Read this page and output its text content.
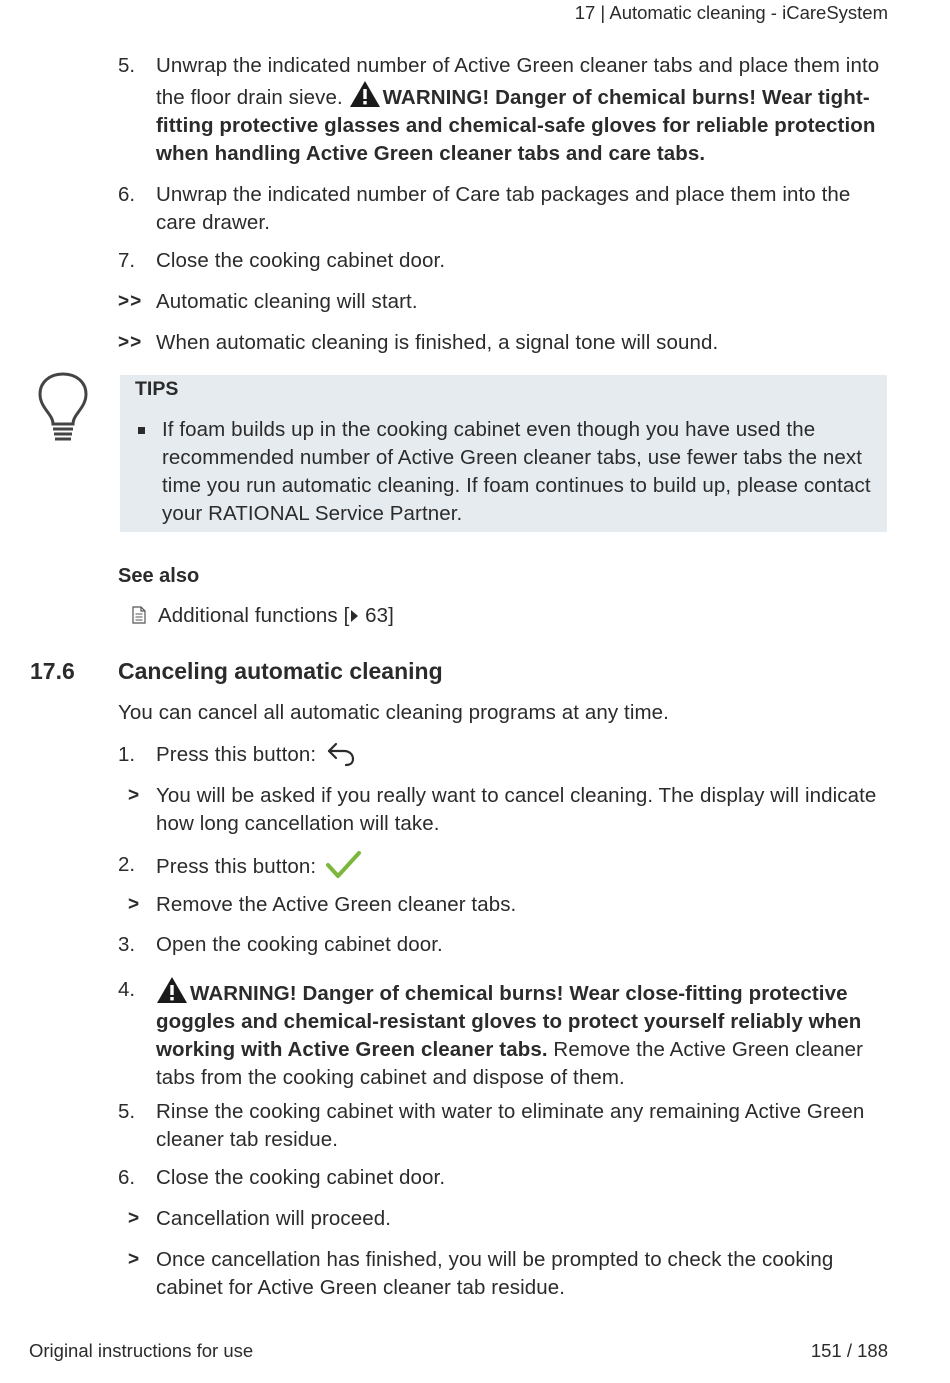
17 | Automatic cleaning - iCareSystem
5.	Unwrap the indicated number of Active Green cleaner tabs and place them into the floor drain sieve. WARNING! Danger of chemical burns! Wear tight-fitting protective glasses and chemical-safe gloves for reliable protection when handling Active Green cleaner tabs and care tabs.
6.	Unwrap the indicated number of Care tab packages and place them into the care drawer.
7.	Close the cooking cabinet door.
>> Automatic cleaning will start.
>> When automatic cleaning is finished, a signal tone will sound.
TIPS
If foam builds up in the cooking cabinet even though you have used the recommended number of Active Green cleaner tabs, use fewer tabs the next time you run automatic cleaning. If foam continues to build up, please contact your RATIONAL Service Partner.
See also
Additional functions [ 63]
17.6 Canceling automatic cleaning
You can cancel all automatic cleaning programs at any time.
1.	Press this button:
> You will be asked if you really want to cancel cleaning. The display will indicate how long cancellation will take.
2.	Press this button:
> Remove the Active Green cleaner tabs.
3.	Open the cooking cabinet door.
4.	WARNING! Danger of chemical burns! Wear close-fitting protective goggles and chemical-resistant gloves to protect yourself reliably when working with Active Green cleaner tabs. Remove the Active Green cleaner tabs from the cooking cabinet and dispose of them.
5.	Rinse the cooking cabinet with water to eliminate any remaining Active Green cleaner tab residue.
6.	Close the cooking cabinet door.
> Cancellation will proceed.
> Once cancellation has finished, you will be prompted to check the cooking cabinet for Active Green cleaner tab residue.
Original instructions for use	151 / 188
